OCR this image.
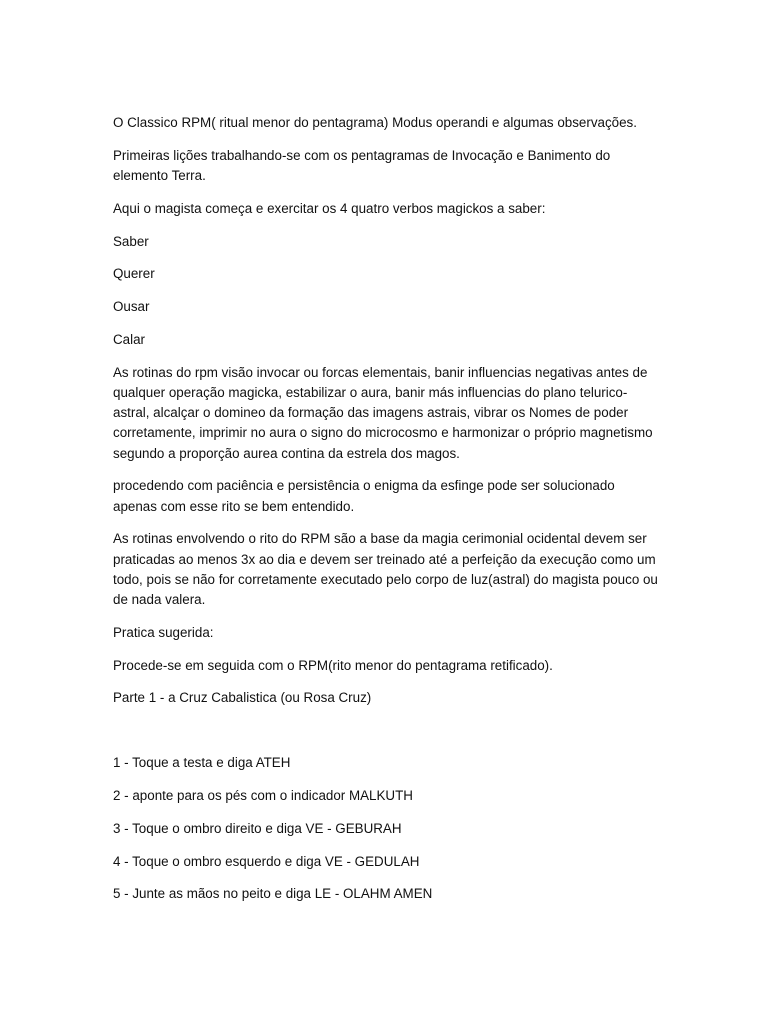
O Classico RPM( ritual menor do pentagrama) Modus operandi e algumas observações.

Primeiras lições trabalhando-se com os pentagramas de Invocação e Banimento do elemento Terra.

Aqui o magista começa e exercitar os 4 quatro verbos magickos a saber:

Saber

Querer

Ousar

Calar

As rotinas do rpm visão invocar ou forcas elementais, banir influencias negativas antes de qualquer operação magicka, estabilizar o aura, banir más influencias do plano telurico-astral, alcalçar o domineo da formação das imagens astrais, vibrar os Nomes de poder corretamente, imprimir no aura o signo do microcosmo e harmonizar o próprio magnetismo segundo a proporção aurea contina da estrela dos magos.

procedendo com paciência e persistência o enigma da esfinge pode ser solucionado apenas com esse rito se bem entendido.

As rotinas envolvendo o rito do RPM são a base da magia cerimonial ocidental devem ser praticadas ao menos 3x ao dia e devem ser treinado até a perfeição da execução como um todo, pois se não for corretamente executado pelo corpo de luz(astral) do magista pouco ou de nada valera.

Pratica sugerida:

Procede-se em seguida com o RPM(rito menor do pentagrama retificado).

Parte 1 - a Cruz Cabalistica (ou Rosa Cruz)

1 - Toque a testa e diga ATEH

2 - aponte para os pés com o indicador MALKUTH

3 - Toque o ombro direito e diga VE - GEBURAH

4 - Toque o ombro esquerdo e diga VE - GEDULAH

5 - Junte as mãos no peito e diga LE - OLAHM AMEN
